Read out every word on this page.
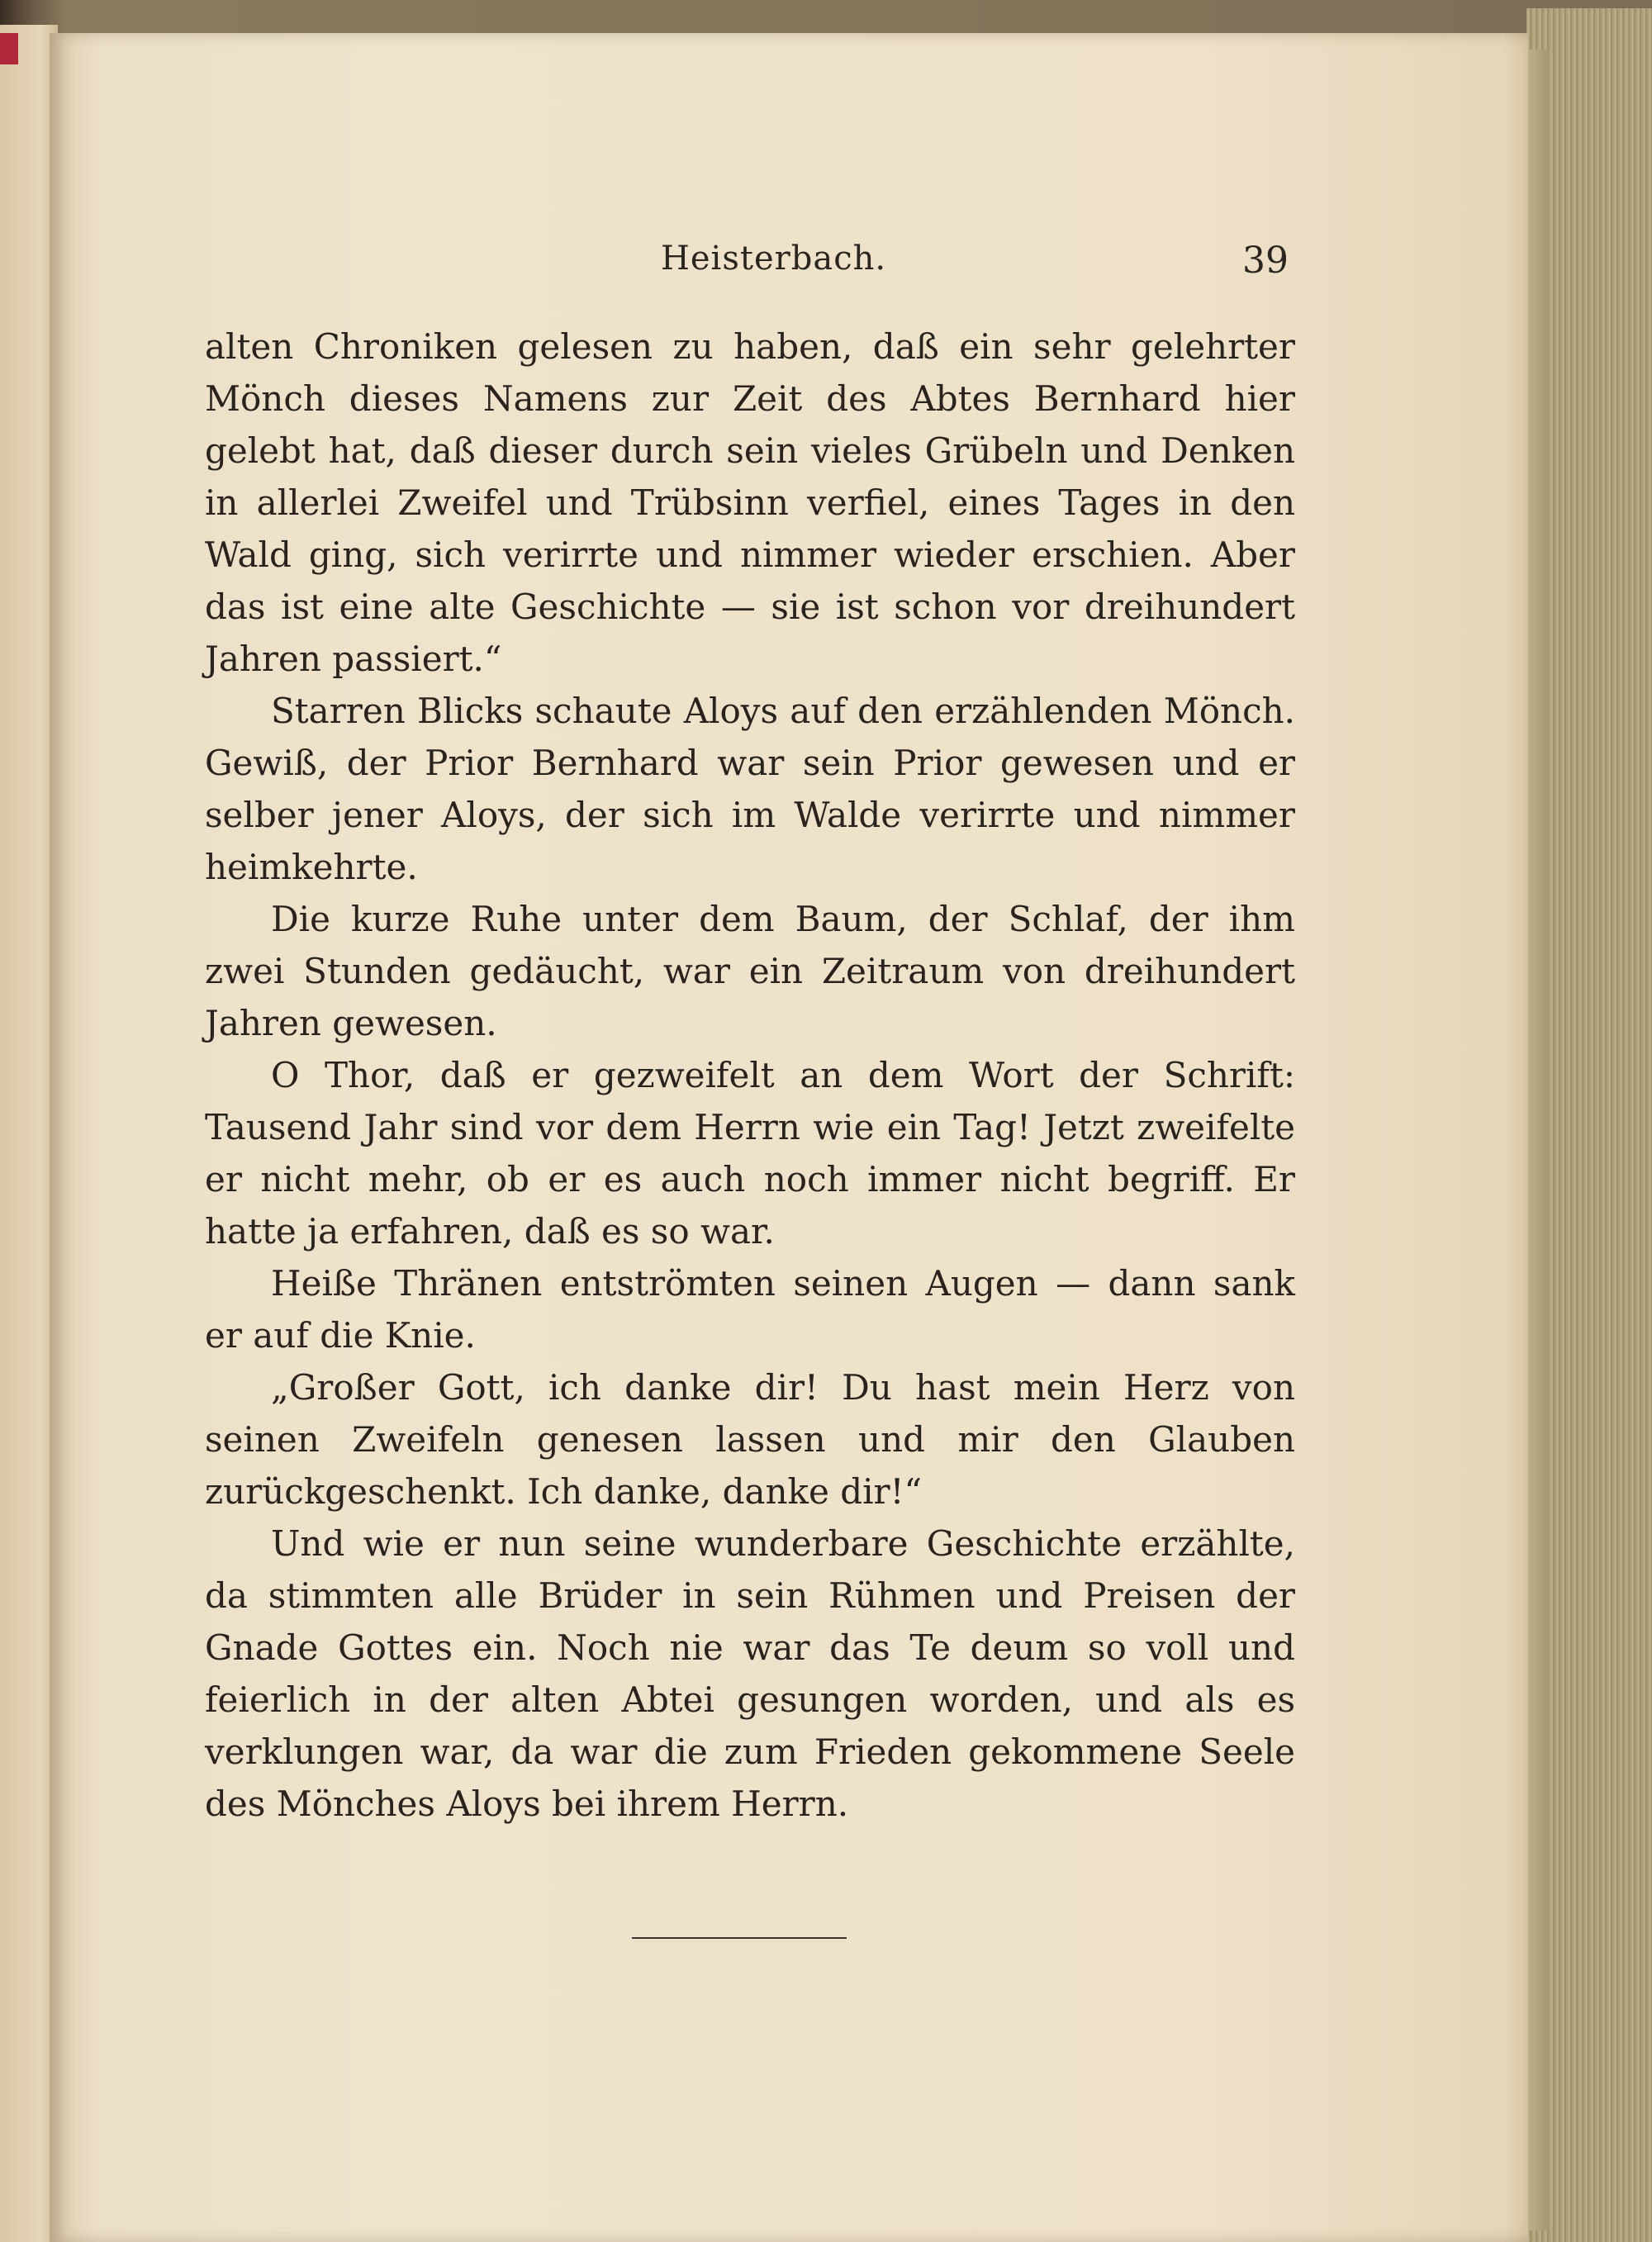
Heisterbach.	39

alten Chroniken gelesen zu haben, daß ein sehr gelehrter Mönch dieses Namens zur Zeit des Abtes Bernhard hier gelebt hat, daß dieser durch sein vieles Grübeln und Denken in allerlei Zweifel und Trübsinn verfiel, eines Tages in den Wald ging, sich verirrte und nimmer wieder erschien. Aber das ist eine alte Geschichte — sie ist schon vor dreihundert Jahren passiert.“

Starren Blicks schaute Aloys auf den erzählenden Mönch. Gewiß, der Prior Bernhard war sein Prior gewesen und er selber jener Aloys, der sich im Walde verirrte und nimmer heimkehrte.

Die kurze Ruhe unter dem Baum, der Schlaf, der ihm zwei Stunden gedäucht, war ein Zeitraum von dreihundert Jahren gewesen.

O Thor, daß er gezweifelt an dem Wort der Schrift: Tausend Jahr sind vor dem Herrn wie ein Tag! Jetzt zweifelte er nicht mehr, ob er es auch noch immer nicht begriff. Er hatte ja erfahren, daß es so war.

Heiße Thränen entströmten seinen Augen — dann sank er auf die Knie.

„Großer Gott, ich danke dir! Du hast mein Herz von seinen Zweifeln genesen lassen und mir den Glauben zurückgeschenkt. Ich danke, danke dir!“

Und wie er nun seine wunderbare Geschichte erzählte, da stimmten alle Brüder in sein Rühmen und Preisen der Gnade Gottes ein. Noch nie war das Te deum so voll und feierlich in der alten Abtei gesungen worden, und als es verklungen war, da war die zum Frieden gekommene Seele des Mönches Aloys bei ihrem Herrn.
